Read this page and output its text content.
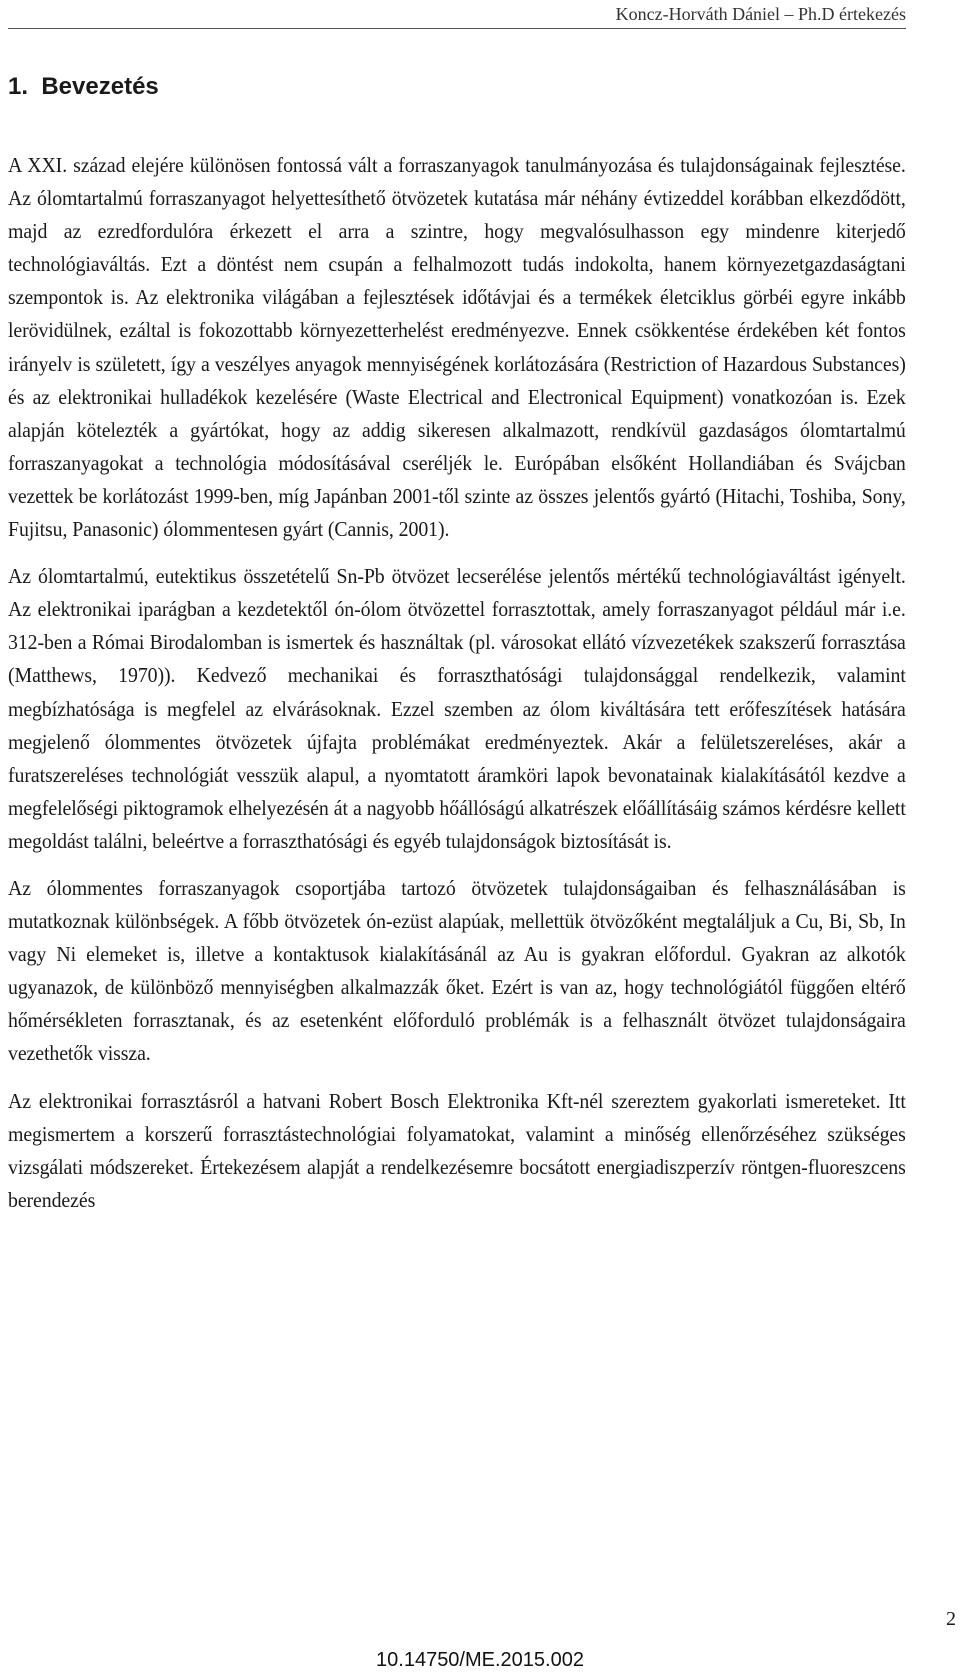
Koncz-Horváth Dániel – Ph.D értekezés
1.  Bevezetés

A XXI. század elejére különösen fontossá vált a forraszanyagok tanulmányozása és tulajdonságainak fejlesztése. Az ólomtartalmú forraszanyagot helyettesíthető ötvözetek kutatása már néhány évtizeddel korábban elkezdődött, majd az ezredfordulóra érkezett el arra a szintre, hogy megvalósulhasson egy mindenre kiterjedő technológiaváltás. Ezt a döntést nem csupán a felhalmozott tudás indokolta, hanem környezetgazdaságtani szempontok is. Az elektronika világában a fejlesztések időtávjai és a termékek életciklus görbéi egyre inkább lerövidülnek, ezáltal is fokozottabb környezetterhelést eredményezve. Ennek csökkentése érdekében két fontos irányelv is született, így a veszélyes anyagok mennyiségének korlátozására (Restriction of Hazardous Substances) és az elektronikai hulladékok kezelésére (Waste Electrical and Electronical Equipment) vonatkozóan is. Ezek alapján kötelezték a gyártókat, hogy az addig sikeresen alkalmazott, rendkívül gazdaságos ólomtartalmú forraszanyagokat a technológia módosításával cseréljék le. Európában elsőként Hollandiában és Svájcban vezettek be korlátozást 1999-ben, míg Japánban 2001-től szinte az összes jelentős gyártó (Hitachi, Toshiba, Sony, Fujitsu, Panasonic) ólommentesen gyárt (Cannis, 2001).

Az ólomtartalmú, eutektikus összetételű Sn-Pb ötvözet lecserélése jelentős mértékű technológiaváltást igényelt. Az elektronikai iparágban a kezdetektől ón-ólom ötvözettel forrasztottak, amely forraszanyagot például már i.e. 312-ben a Római Birodalomban is ismertek és használtak (pl. városokat ellátó vízvezetékek szakszerű forrasztása (Matthews, 1970)). Kedvező mechanikai és forraszthatósági tulajdonsággal rendelkezik, valamint megbízhatósága is megfelel az elvárásoknak. Ezzel szemben az ólom kiváltására tett erőfeszítések hatására megjelenő ólommentes ötvözetek újfajta problémákat eredményeztek. Akár a felületszereléses, akár a furatszereléses technológiát vesszük alapul, a nyomtatott áramköri lapok bevonatainak kialakításától kezdve a megfelelőségi piktogramok elhelyezésén át a nagyobb hőállóságú alkatrészek előállításáig számos kérdésre kellett megoldást találni, beleértve a forraszthatósági és egyéb tulajdonságok biztosítását is.

Az ólommentes forraszanyagok csoportjába tartozó ötvözetek tulajdonságaiban és felhasználásában is mutatkoznak különbségek. A főbb ötvözetek ón-ezüst alapúak, mellettük ötvözőként megtaláljuk a Cu, Bi, Sb, In vagy Ni elemeket is, illetve a kontaktusok kialakításánál az Au is gyakran előfordul. Gyakran az alkotók ugyanazok, de különböző mennyiségben alkalmazzák őket. Ezért is van az, hogy technológiától függően eltérő hőmérsékleten forrasztanak, és az esetenként előforduló problémák is a felhasznált ötvözet tulajdonságaira vezethetők vissza.

Az elektronikai forrasztásról a hatvani Robert Bosch Elektronika Kft-nél szereztem gyakorlati ismereteket. Itt megismertem a korszerű forrasztástechnológiai folyamatokat, valamint a minőség ellenőrzéséhez szükséges vizsgálati módszereket. Értekezésem alapját a rendelkezésemre bocsátott energiadiszperzív röntgen-fluoreszcens berendezés

2
10.14750/ME.2015.002
